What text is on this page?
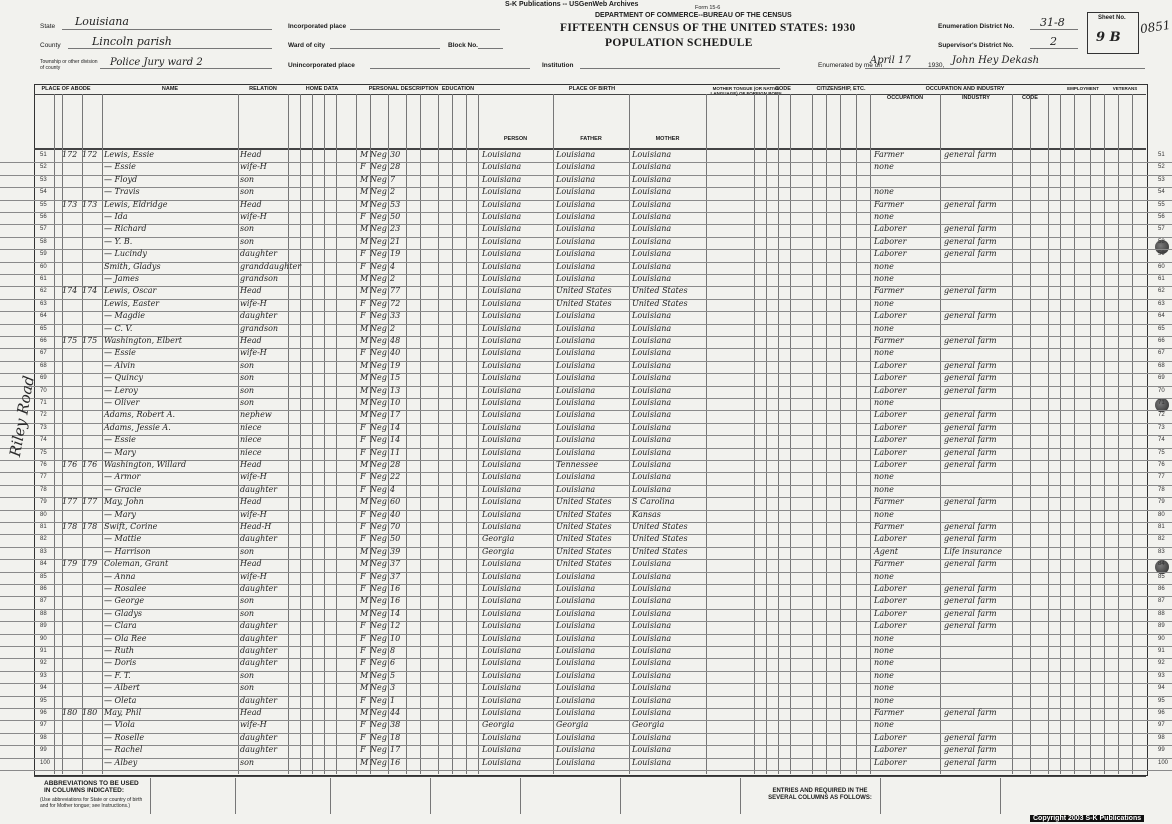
S-K Publications -- USGenWeb Archives	Form 15-6
DEPARTMENT OF COMMERCE--BUREAU OF THE CENSUS
FIFTEENTH CENSUS OF THE UNITED STATES: 1930
POPULATION SCHEDULE
State Louisiana
County	Lincoln parish
Township or other division of county	Police Jury ward 2
Incorporated place
Ward of city	Block No.
Unincorporated place	Institution
Enumeration District No. 31-8
Supervisor's District No.	2
Sheet No.
9 B
0851
Enumerated by me on
April 17	1930, John Hey Dekash
PLACE OF ABODE	NAME	RELATION	HOME DATA	PERSONAL DESCRIPTION EDUCATION	PLACE OF BIRTH	MOTHER TONGUE (OR NATIVE LANGUAGE) OF FOREIGN BORN
CODE	CITIZENSHIP, ETC.	OCCUPATION AND INDUSTRY	EMPLOYMENT	VETERANS
PERSON	FATHER	MOTHER
OCCUPATION	INDUSTRY	CODE
51	172 172 Lewis, Essie	Head	M Neg 30	Louisiana	Louisiana	Louisiana	Farmer	general farm	51
52	— Essie	wife-H	F Neg 28	Louisiana	Louisiana	Louisiana	none	52
53	— Floyd	son	M Neg 7	Louisiana	Louisiana	Louisiana	53
54	— Travis	son	M Neg 2	Louisiana	Louisiana	Louisiana	none	54
55	173 173 Lewis, Eldridge	Head	M Neg 53	Louisiana	Louisiana	Louisiana	Farmer	general farm	55
56	— Ida	wife-H	F Neg 50	Louisiana	Louisiana	Louisiana	none	56
57	— Richard	son	M Neg 23	Louisiana	Louisiana	Louisiana	Laborer	general farm	57
58	— Y. B.	son	M Neg 21	Louisiana	Louisiana	Louisiana	Laborer	general farm	58
59	— Lucindy	daughter	F Neg 19	Louisiana	Louisiana	Louisiana	Laborer	general farm	59
60	Smith, Gladys	granddaughter	F Neg 4	Louisiana	Louisiana	Louisiana	none	60
61	— James	grandson	M Neg 2	Louisiana	Louisiana	Louisiana	none	61
62	174 174 Lewis, Oscar	Head	M Neg 77	Louisiana	United States	United States	Farmer	general farm	62
63	Lewis, Easter	wife-H	F Neg 72	Louisiana	United States	United States	none	63
64	— Magdie	daughter	F Neg 33	Louisiana	Louisiana	Louisiana	Laborer	general farm	64
65	— C. V.	grandson	M Neg 2	Louisiana	Louisiana	Louisiana	none	65
66	175 175 Washington, Elbert	Head	M Neg 48	Louisiana	Louisiana	Louisiana	Farmer	general farm	66
67	— Essie	wife-H	F Neg 40	Louisiana	Louisiana	Louisiana	none	67
68	— Alvin	son	M Neg 19	Louisiana	Louisiana	Louisiana	Laborer	general farm	68
69	— Quincy	son	M Neg 15	Louisiana	Louisiana	Louisiana	Laborer	general farm	69
70	— Leroy	son	M Neg 13	Louisiana	Louisiana	Louisiana	Laborer	general farm	70
71	— Oliver	son	M Neg 10	Louisiana	Louisiana	Louisiana	none	71
72	Adams, Robert A.	nephew	M Neg 17	Louisiana	Louisiana	Louisiana	Laborer	general farm	72
73	Adams, Jessie A.	niece	F Neg 14	Louisiana	Louisiana	Louisiana	Laborer	general farm	73
74	— Essie	niece	F Neg 14	Louisiana	Louisiana	Louisiana	Laborer	general farm	74
75	— Mary	niece	F Neg 11	Louisiana	Louisiana	Louisiana	Laborer	general farm	75
76	176 176 Washington, Willard	Head	M Neg 28	Louisiana	Tennessee	Louisiana	Laborer	general farm	76
77	— Armor	wife-H	F Neg 22	Louisiana	Louisiana	Louisiana	none	77
78	— Gracie	daughter	F Neg 4	Louisiana	Louisiana	Louisiana	none	78
79	177 177 May, John	Head	M Neg 60	Louisiana	United States	S Carolina	Farmer	general farm	79
80	— Mary	wife-H	F Neg 40	Louisiana	United States	Kansas	none	80
81	178 178 Swift, Corine	Head-H	F Neg 70	Louisiana	United States	United States	Farmer	general farm	81
82	— Mattie	daughter	F Neg 50	Georgia	United States	United States	Laborer	general farm	82
83	— Harrison	son	M Neg 39	Georgia	United States	United States	Agent	Life insurance	83
84	179 179 Coleman, Grant	Head	M Neg 37	Louisiana	United States	Louisiana	Farmer	general farm	84
85	— Anna	wife-H	F Neg 37	Louisiana	Louisiana	Louisiana	none	85
86	— Rosalee	daughter	F Neg 16	Louisiana	Louisiana	Louisiana	Laborer	general farm	86
87	— George	son	M Neg 16	Louisiana	Louisiana	Louisiana	Laborer	general farm	87
88	— Gladys	son	M Neg 14	Louisiana	Louisiana	Louisiana	Laborer	general farm	88
89	— Clara	daughter	F Neg 12	Louisiana	Louisiana	Louisiana	Laborer	general farm	89
90	— Ola Ree	daughter	F Neg 10	Louisiana	Louisiana	Louisiana	none	90
91	— Ruth	daughter	F Neg 8	Louisiana	Louisiana	Louisiana	none	91
92	— Doris	daughter	F Neg 6	Louisiana	Louisiana	Louisiana	none	92
93	— F. T.	son	M Neg 5	Louisiana	Louisiana	Louisiana	none	93
94	— Albert	son	M Neg 3	Louisiana	Louisiana	Louisiana	none	94
95	— Oleta	daughter	F Neg 1	Louisiana	Louisiana	Louisiana	none	95
96	180 180 May, Phil	Head	M Neg 44	Louisiana	Louisiana	Louisiana	Farmer	general farm	96
97	— Viola	wife-H	F Neg 38	Georgia	Georgia	Georgia	none	97
98	— Roselle	daughter	F Neg 18	Louisiana	Louisiana	Louisiana	Laborer	general farm	98
99	— Rachel	daughter	F Neg 17	Louisiana	Louisiana	Louisiana	Laborer	general farm	99
100	— Albey	son	M Neg 16	Louisiana	Louisiana	Louisiana	Laborer	general farm	100
Riley Road
ABBREVIATIONS TO BE USED IN COLUMNS INDICATED:
(Use abbreviations for State or country of birth and for Mother tongue; see Instructions.)
ENTRIES AND REQUIRED IN THE SEVERAL COLUMNS AS FOLLOWS:
Copyright 2003 S-K Publications
